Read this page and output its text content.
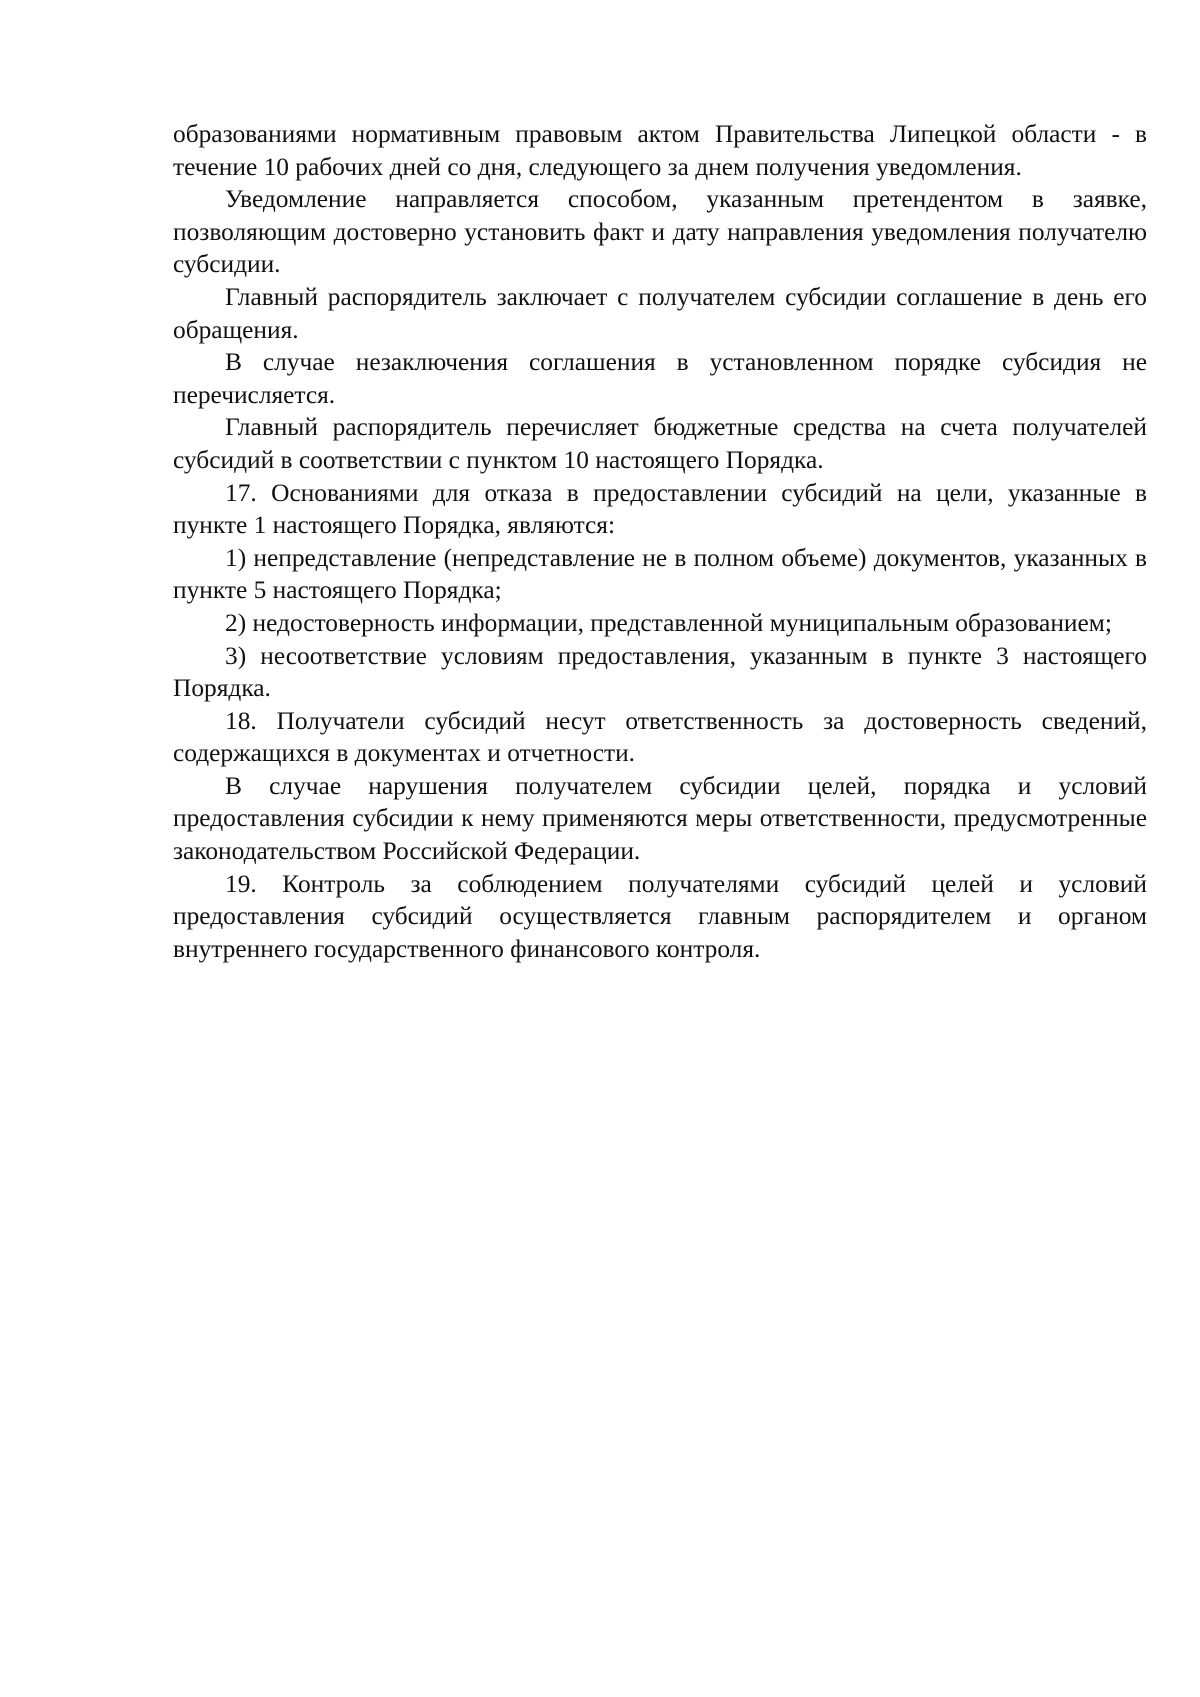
образованиями нормативным правовым актом Правительства Липецкой области - в течение 10 рабочих дней со дня, следующего за днем получения уведомления.

Уведомление направляется способом, указанным претендентом в заявке, позволяющим достоверно установить факт и дату направления уведомления получателю субсидии.

Главный распорядитель заключает с получателем субсидии соглашение в день его обращения.

В случае незаключения соглашения в установленном порядке субсидия не перечисляется.

Главный распорядитель перечисляет бюджетные средства на счета получателей субсидий в соответствии с пунктом 10 настоящего Порядка.

17. Основаниями для отказа в предоставлении субсидий на цели, указанные в пункте 1 настоящего Порядка, являются:

1) непредставление (непредставление не в полном объеме) документов, указанных в пункте 5 настоящего Порядка;

2) недостоверность информации, представленной муниципальным образованием;

3) несоответствие условиям предоставления, указанным в пункте 3 настоящего Порядка.

18. Получатели субсидий несут ответственность за достоверность сведений, содержащихся в документах и отчетности.

В случае нарушения получателем субсидии целей, порядка и условий предоставления субсидии к нему применяются меры ответственности, предусмотренные законодательством Российской Федерации.

19. Контроль за соблюдением получателями субсидий целей и условий предоставления субсидий осуществляется главным распорядителем и органом внутреннего государственного финансового контроля.
